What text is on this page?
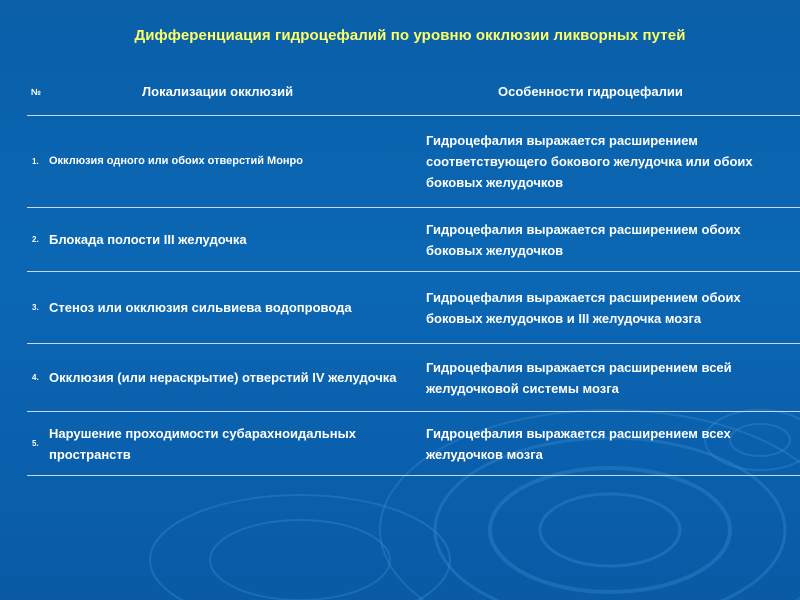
Дифференциация гидроцефалий по уровню окклюзии ликворных путей
№	Локализации окклюзий	Особенности гидроцефалии
1.	Окклюзия одного или обоих отверстий Монро	Гидроцефалия выражается расширением соответствующего бокового желудочка или обоих боковых желудочков
2.	Блокада полости III желудочка	Гидроцефалия выражается расширением обоих боковых желудочков
3.	Стеноз или окклюзия сильвиева водопровода	Гидроцефалия выражается расширением обоих боковых желудочков и III желудочка мозга
4.	Окклюзия (или нераскрытие) отверстий IV желудочка	Гидроцефалия выражается расширением всей желудочковой системы мозга
5.	Нарушение проходимости субарахноидальных пространств	Гидроцефалия выражается расширением всех желудочков мозга
